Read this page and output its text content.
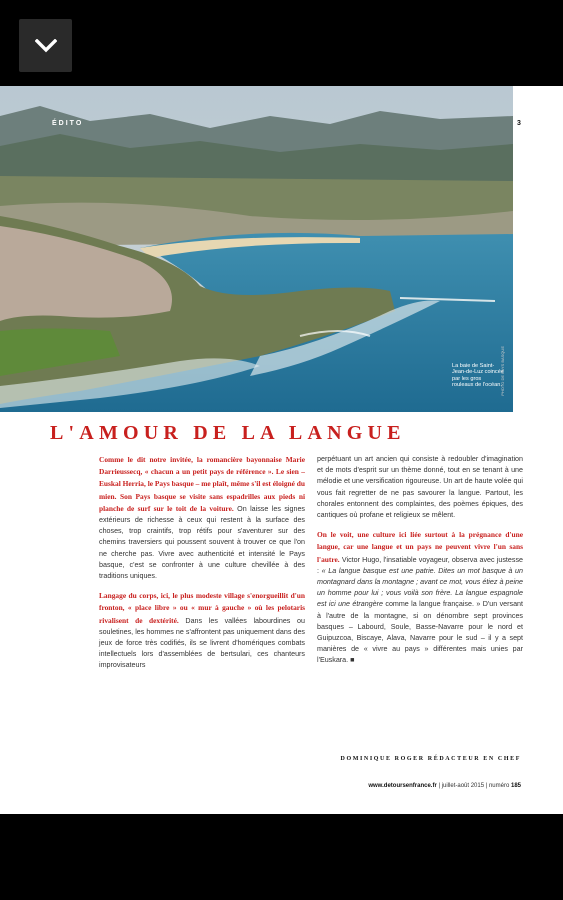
ÉDITO	3
La baie de Saint-Jean-de-Luz coincée par les gros rouleaux de l'océan.
PHOTO DE PAYS BASQUE
L'AMOUR DE LA LANGUE

Comme le dit notre invitée, la romancière bayonnaise Marie Darrieussecq, « chacun a un petit pays de référence ». Le sien – Euskal Herria, le Pays basque – me plaît, même s'il est éloigné du mien. Son Pays basque se visite sans espadrilles aux pieds ni planche de surf sur le toit de la voiture. On laisse les signes extérieurs de richesse à ceux qui restent à la surface des choses, trop craintifs, trop rétifs pour s'aventurer sur des chemins traversiers qui poussent souvent à trouver ce que l'on ne cherche pas. Vivre avec authenticité et intensité le Pays basque, c'est se confronter à une culture chevillée à des traditions uniques.

Langage du corps, ici, le plus modeste village s'enorgueillit d'un fronton, « place libre » ou « mur à gauche » où les pelotaris rivalisent de dextérité. Dans les vallées labourdines ou souletines, les hommes ne s'affrontent pas uniquement dans des jeux de force très codifiés, ils se livrent d'homériques combats intellectuels lors d'assemblées de bertsulari, ces chanteurs improvisateurs

perpétuant un art ancien qui consiste à redoubler d'imagination et de mots d'esprit sur un thème donné, tout en se tenant à une mélodie et une versification rigoureuse. Un art de haute volée qui vous fait regretter de ne pas savourer la langue. Partout, les chorales entonnent des complaintes, des poèmes épiques, des cantiques où profane et religieux se mêlent.

On le voit, une culture ici liée surtout à la prégnance d'une langue, car une langue et un pays ne peuvent vivre l'un sans l'autre. Victor Hugo, l'insatiable voyageur, observa avec justesse : « La langue basque est une patrie. Dites un mot basque à un montagnard dans la montagne ; avant ce mot, vous étiez à peine un homme pour lui ; vous voilà son frère. La langue espagnole est ici une étrangère comme la langue française. » D'un versant à l'autre de la montagne, si on dénombre sept provinces basques – Labourd, Soule, Basse-Navarre pour le nord et Guipuzcoa, Biscaye, Alava, Navarre pour le sud – il y a sept manières de « vivre au pays » différentes mais unies par l'Euskara. ■

DOMINIQUE ROGER RÉDACTEUR EN CHEF
www.detoursenfrance.fr | juillet-août 2015 | numéro 185
